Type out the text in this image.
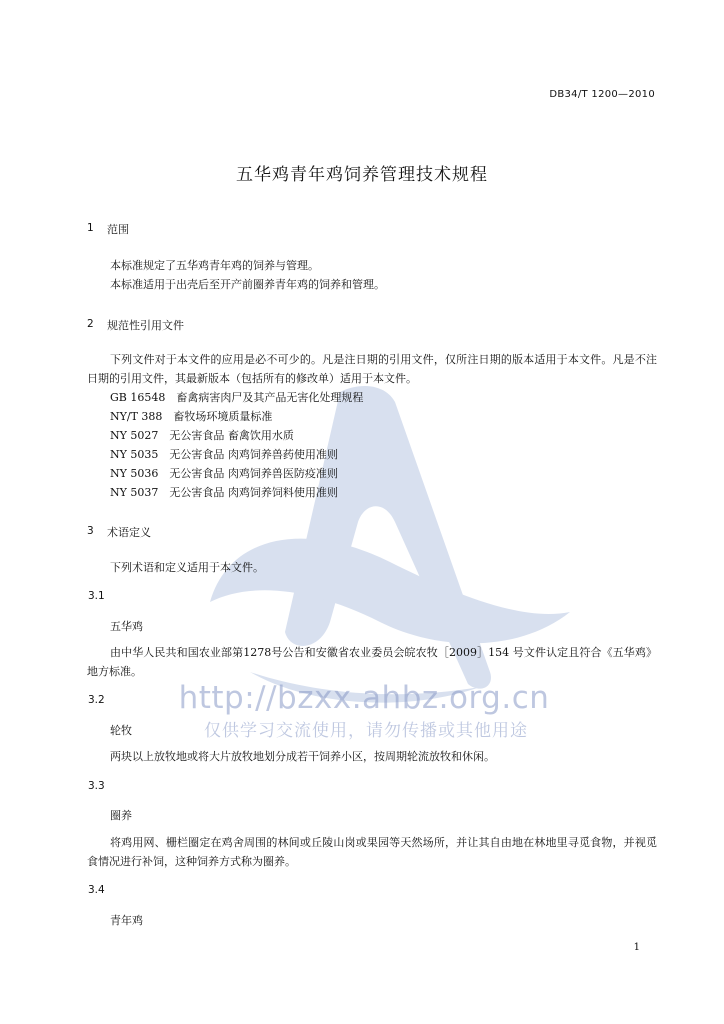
http://bzxx.ahbz.org.cn
仅供学习交流使用，请勿传播或其他用途
DB34/T 1200—2010
五华鸡青年鸡饲养管理技术规程
1 范围

本标准规定了五华鸡青年鸡的饲养与管理。

本标准适用于出壳后至开产前圈养青年鸡的饲养和管理。

2 规范性引用文件

下列文件对于本文件的应用是必不可少的。凡是注日期的引用文件，仅所注日期的版本适用于本文件。凡是不注日期的引用文件，其最新版本（包括所有的修改单）适用于本文件。

GB 16548　畜禽病害肉尸及其产品无害化处理规程
NY/T 388　畜牧场环境质量标准
NY 5027　无公害食品 畜禽饮用水质
NY 5035　无公害食品 肉鸡饲养兽药使用准则
NY 5036　无公害食品 肉鸡饲养兽医防疫准则
NY 5037　无公害食品 肉鸡饲养饲料使用准则
3 术语定义

下列术语和定义适用于本文件。

3.1
五华鸡

由中华人民共和国农业部第1278号公告和安徽省农业委员会皖农牧［2009］154 号文件认定且符合《五华鸡》地方标准。

3.2
轮牧

两块以上放牧地或将大片放牧地划分成若干饲养小区，按周期轮流放牧和休闲。

3.3
圈养

将鸡用网、栅栏圈定在鸡舍周围的林间或丘陵山岗或果园等天然场所，并让其自由地在林地里寻觅食物，并视觅食情况进行补饲，这种饲养方式称为圈养。

3.4
青年鸡
1
